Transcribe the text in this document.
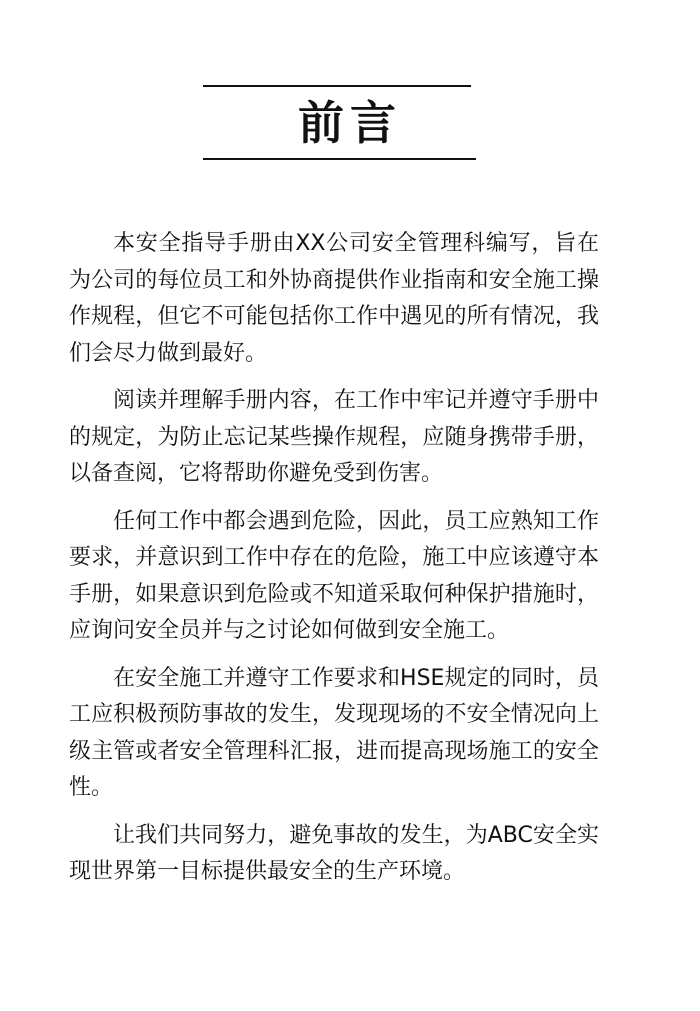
前言

本安全指导手册由XX公司安全管理科编写，旨在为公司的每位员工和外协商提供作业指南和安全施工操作规程，但它不可能包括你工作中遇见的所有情况，我们会尽力做到最好。

阅读并理解手册内容，在工作中牢记并遵守手册中的规定，为防止忘记某些操作规程，应随身携带手册，以备查阅，它将帮助你避免受到伤害。

任何工作中都会遇到危险，因此，员工应熟知工作要求，并意识到工作中存在的危险，施工中应该遵守本手册，如果意识到危险或不知道采取何种保护措施时，应询问安全员并与之讨论如何做到安全施工。

在安全施工并遵守工作要求和HSE规定的同时，员工应积极预防事故的发生，发现现场的不安全情况向上级主管或者安全管理科汇报，进而提高现场施工的安全性。

让我们共同努力，避免事故的发生，为ABC安全实现世界第一目标提供最安全的生产环境。
